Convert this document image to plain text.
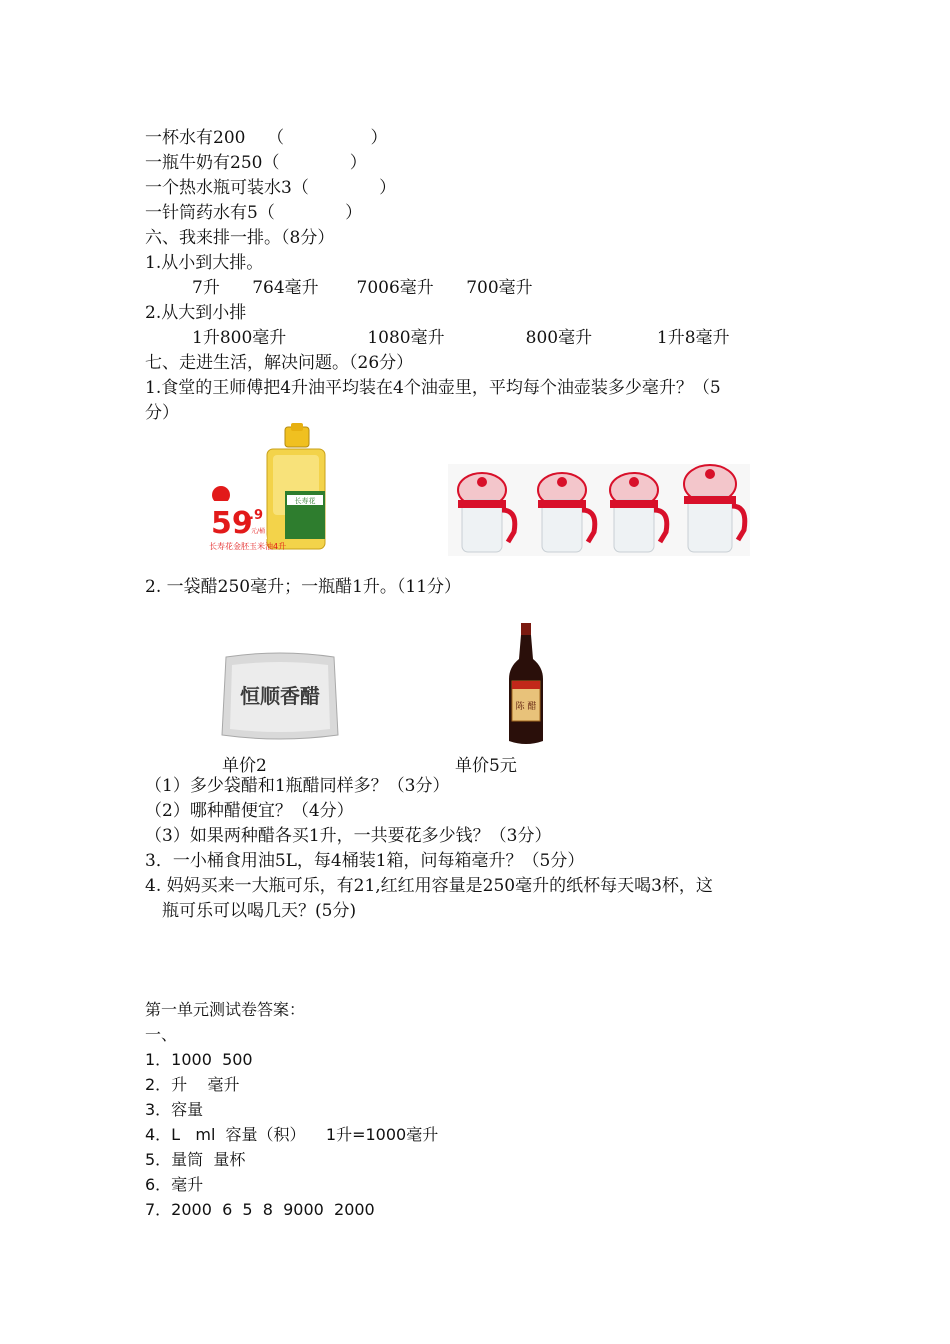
一杯水有200    （                ）
一瓶牛奶有250（             ）
一个热水瓶可装水3（             ）
一针筒药水有5（             ）
六、我来排一排。（8分）
1.从小到大排。
7升      764毫升       7006毫升      700毫升
2.从大到小排
1升800毫升               1080毫升               800毫升            1升8毫升
七、走进生活，解决问题。（26分）
1.食堂的王师傅把4升油平均装在4个油壶里，平均每个油壶装多少毫升？（5
分）
长寿花
59
.9
元/桶
长寿花金胚玉米油4升
2. 一袋醋250毫升；一瓶醋1升。（11分）
恒顺香醋	陈 醋
单价2	单价5元
（1）多少袋醋和1瓶醋同样多？（3分）
（2）哪种醋便宜？（4分）
（3）如果两种醋各买1升，一共要花多少钱？（3分）
3．一小桶食用油5L，每4桶装1箱，问每箱毫升？（5分）
4. 妈妈买来一大瓶可乐，有21,红红用容量是250毫升的纸杯每天喝3杯，这
瓶可乐可以喝几天？(5分)
第一单元测试卷答案：
一、
1．1000  500
2．升    毫升
3．容量
4．L   ml  容量（积）    1升=1000毫升
5．量筒  量杯
6．毫升
7．2000  6  5  8  9000  2000
